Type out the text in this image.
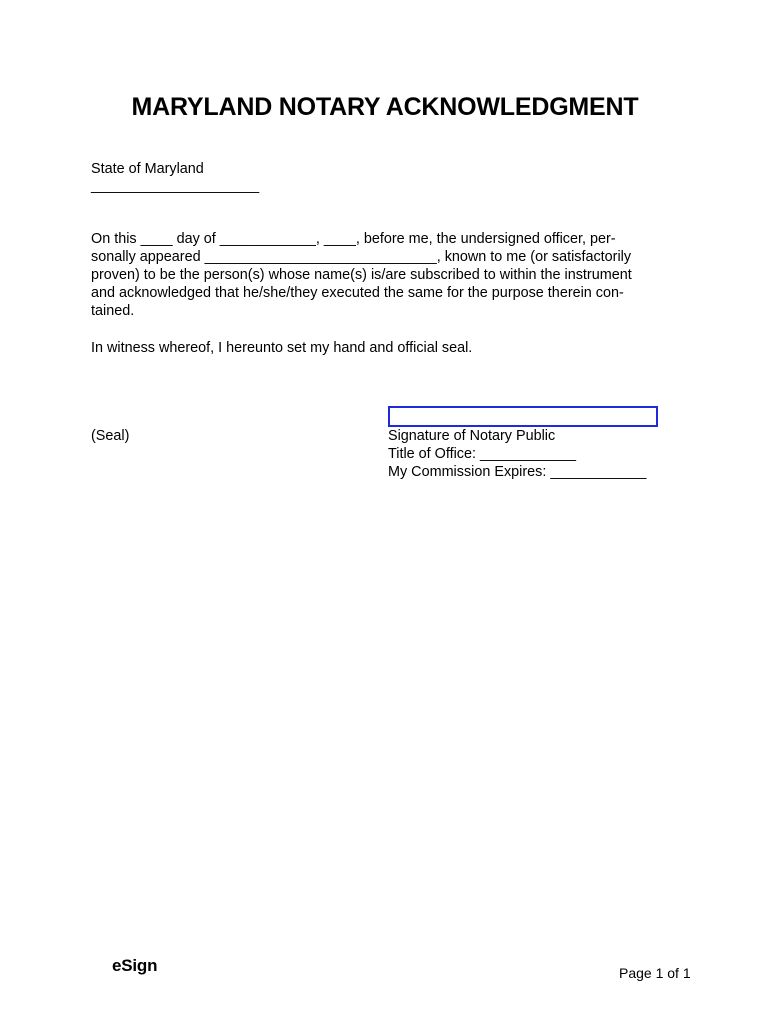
MARYLAND NOTARY ACKNOWLEDGMENT
State of Maryland
_____________________
On this ____ day of ____________, ____, before me, the undersigned officer, per-
sonally appeared _____________________________, known to me (or satisfactorily
proven) to be the person(s) whose name(s) is/are subscribed to within the instrument
and acknowledged that he/she/they executed the same for the purpose therein con-
tained.
In witness whereof, I hereunto set my hand and official seal.
(Seal)	Signature of Notary Public
Title of Office: ____________
My Commission Expires: ____________
eSign	Page 1 of 1
